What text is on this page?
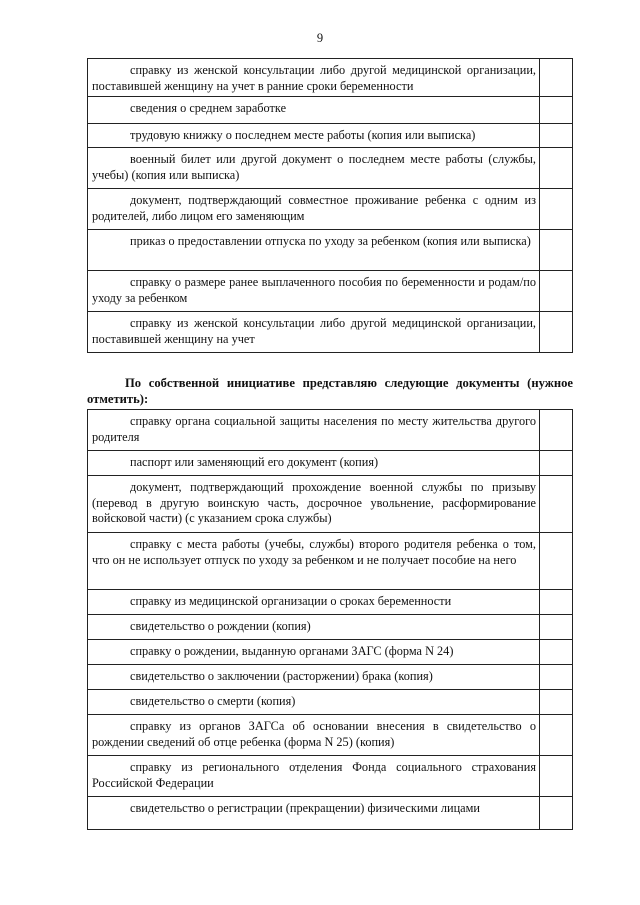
9
справку из женской консультации либо другой медицинской организации, поставившей женщину на учет в ранние сроки беременности	
сведения о среднем заработке	
трудовую книжку о последнем месте работы (копия или выписка)	
военный билет или другой документ о последнем месте работы (службы, учебы) (копия или выписка)	
документ, подтверждающий совместное проживание ребенка с одним из родителей, либо лицом его заменяющим	
приказ о предоставлении отпуска по уходу за ребенком (копия или выписка)	
справку о размере ранее выплаченного пособия по беременности и родам/по уходу за ребенком	
справку из женской консультации либо другой медицинской организации, поставившей женщину на учет	
По собственной инициативе представляю следующие документы (нужное отметить):
справку органа социальной защиты населения по месту жительства другого родителя	
паспорт или заменяющий его документ (копия)	
документ, подтверждающий прохождение военной службы по призыву (перевод в другую воинскую часть, досрочное увольнение, расформирование войсковой части) (с указанием срока службы)	
справку с места работы (учебы, службы) второго родителя ребенка о том, что он не использует отпуск по уходу за ребенком и не получает пособие на него	
справку из медицинской организации о сроках беременности	
свидетельство о рождении (копия)	
справку о рождении, выданную органами ЗАГС (форма N 24)	
свидетельство о заключении (расторжении) брака (копия)	
свидетельство о смерти (копия)	
справку из органов ЗАГСа об основании внесения в свидетельство о рождении сведений об отце ребенка (форма N 25) (копия)	
справку из регионального отделения Фонда социального страхования Российской Федерации	
свидетельство о регистрации (прекращении) физическими лицами	
